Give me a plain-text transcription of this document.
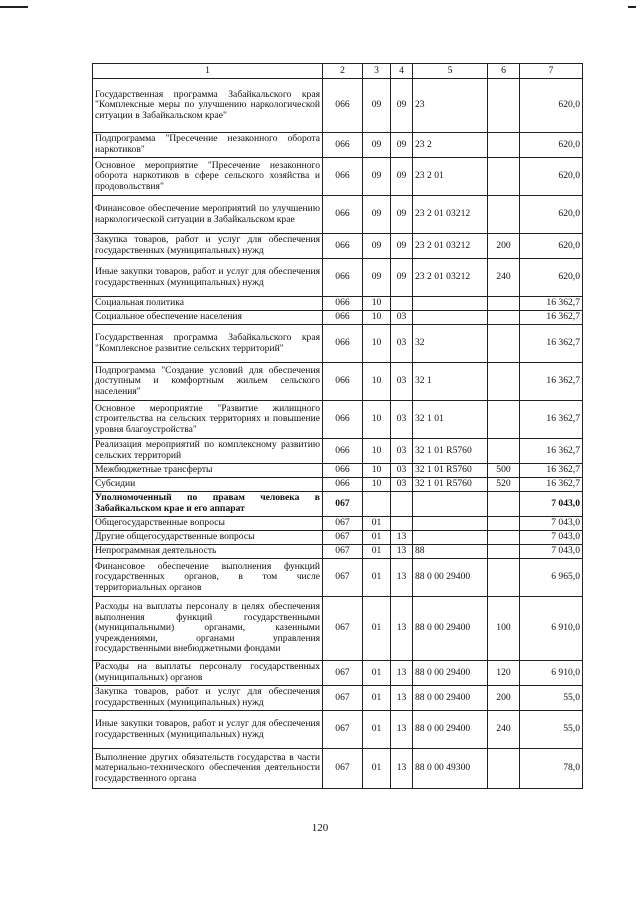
1	2	3	4	5	6	7
Государственная программа Забайкальского края "Комплексные меры по улучшению наркологической ситуации в Забайкальском крае"	066	09	09	23		620,0
Подпрограмма "Пресечение незаконного оборота наркотиков"	066	09	09	23 2		620,0
Основное мероприятие "Пресечение незаконного оборота наркотиков в сфере сельского хозяйства и продовольствия"	066	09	09	23 2 01		620,0
Финансовое обеспечение мероприятий по улучшению наркологической ситуации в Забайкальском крае	066	09	09	23 2 01 03212		620,0
Закупка товаров, работ и услуг для обеспечения государственных (муниципальных) нужд	066	09	09	23 2 01 03212	200	620,0
Иные закупки товаров, работ и услуг для обеспечения государственных (муниципальных) нужд	066	09	09	23 2 01 03212	240	620,0
Социальная политика	066	10				16 362,7
Социальное обеспечение населения	066	10	03			16 362,7
Государственная программа Забайкальского края "Комплексное развитие сельских территорий"	066	10	03	32		16 362,7
Подпрограмма "Создание условий для обеспечения доступным и комфортным жильем сельского населения"	066	10	03	32 1		16 362,7
Основное мероприятие "Развитие жилищного строительства на сельских территориях и повышение уровня благоустройства"	066	10	03	32 1 01		16 362,7
Реализация мероприятий по комплексному развитию сельских территорий	066	10	03	32 1 01 R5760		16 362,7
Межбюджетные трансферты	066	10	03	32 1 01 R5760	500	16 362,7
Субсидии	066	10	03	32 1 01 R5760	520	16 362,7
Уполномоченный по правам человека в Забайкальском крае и его аппарат	067					7 043,0
Общегосударственные вопросы	067	01				7 043,0
Другие общегосударственные вопросы	067	01	13			7 043,0
Непрограммная деятельность	067	01	13	88		7 043,0
Финансовое обеспечение выполнения функций государственных органов, в том числе территориальных органов	067	01	13	88 0 00 29400		6 965,0
Расходы на выплаты персоналу в целях обеспечения выполнения функций государственными (муниципальными) органами, казенными учреждениями, органами управления государственными внебюджетными фондами	067	01	13	88 0 00 29400	100	6 910,0
Расходы на выплаты персоналу государственных (муниципальных) органов	067	01	13	88 0 00 29400	120	6 910,0
Закупка товаров, работ и услуг для обеспечения государственных (муниципальных) нужд	067	01	13	88 0 00 29400	200	55,0
Иные закупки товаров, работ и услуг для обеспечения государственных (муниципальных) нужд	067	01	13	88 0 00 29400	240	55,0
Выполнение других обязательств государства в части материально-технического обеспечения деятельности государственного органа	067	01	13	88 0 00 49300		78,0
120
